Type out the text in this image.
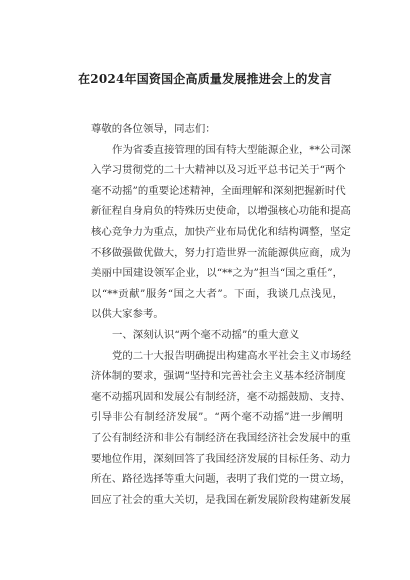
在2024年国资国企高质量发展推进会上的发言
尊敬的各位领导，同志们：
作为省委直接管理的国有特大型能源企业，**公司深
入学习贯彻党的二十大精神以及习近平总书记关于“两个
毫不动摇”的重要论述精神，全面理解和深刻把握新时代
新征程自身肩负的特殊历史使命，以增强核心功能和提高
核心竞争力为重点，加快产业布局优化和结构调整，坚定
不移做强做优做大，努力打造世界一流能源供应商，成为
美丽中国建设领军企业，以“**之为”担当“国之重任”，
以“**贡献”服务“国之大者”。下面，我谈几点浅见，
以供大家参考。
一、深刻认识“两个毫不动摇”的重大意义
党的二十大报告明确提出构建高水平社会主义市场经
济体制的要求，强调“坚持和完善社会主义基本经济制度
毫不动摇巩固和发展公有制经济，毫不动摇鼓励、支持、
引导非公有制经济发展”。“两个毫不动摇”进一步阐明
了公有制经济和非公有制经济在我国经济社会发展中的重
要地位作用，深刻回答了我国经济发展的目标任务、动力
所在、路径选择等重大问题，表明了我们党的一贯立场，
回应了社会的重大关切，是我国在新发展阶段构建新发展
